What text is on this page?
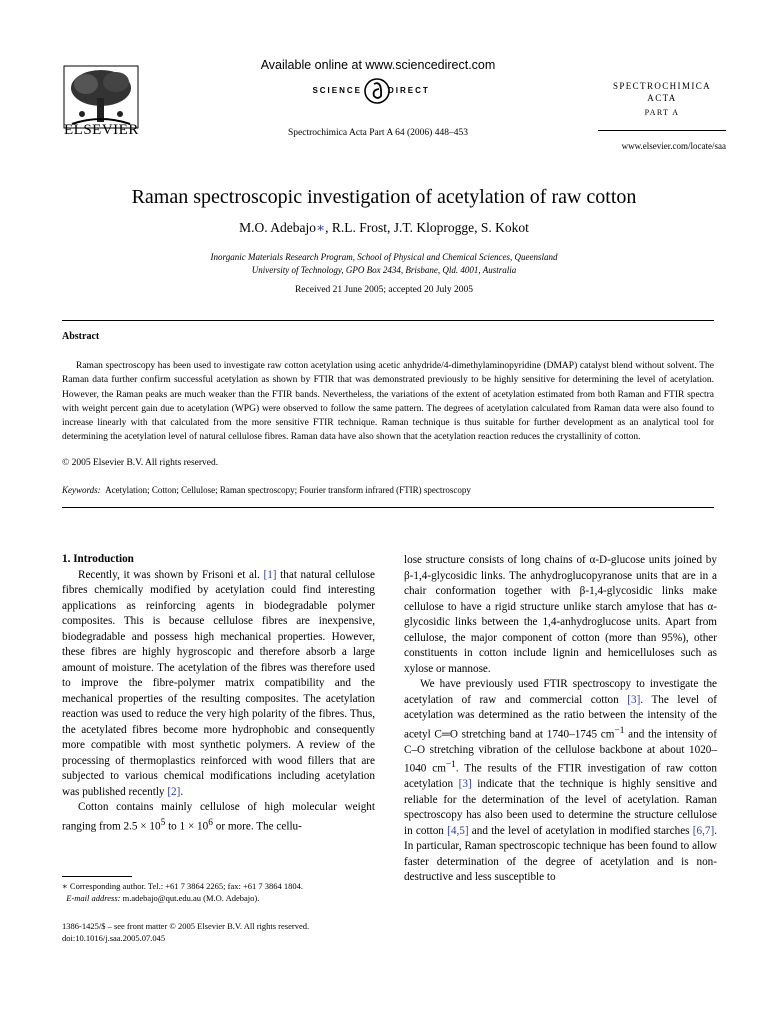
ELSEVIER
Available online at www.sciencedirect.com
SCIENCE	DIRECT
Spectrochimica Acta Part A 64 (2006) 448–453
SPECTROCHIMICA
ACTA
PART A
www.elsevier.com/locate/saa
Raman spectroscopic investigation of acetylation of raw cotton
M.O. Adebajo∗, R.L. Frost, J.T. Kloprogge, S. Kokot
Inorganic Materials Research Program, School of Physical and Chemical Sciences, Queensland
University of Technology, GPO Box 2434, Brisbane, Qld. 4001, Australia
Received 21 June 2005; accepted 20 July 2005
Abstract

Raman spectroscopy has been used to investigate raw cotton acetylation using acetic anhydride/4-dimethylaminopyridine (DMAP) catalyst blend without solvent. The Raman data further confirm successful acetylation as shown by FTIR that was demonstrated previously to be highly sensitive for determining the level of acetylation. However, the Raman peaks are much weaker than the FTIR bands. Nevertheless, the variations of the extent of acetylation estimated from both Raman and FTIR spectra with weight percent gain due to acetylation (WPG) were observed to follow the same pattern. The degrees of acetylation calculated from Raman data were also found to increase linearly with that calculated from the more sensitive FTIR technique. Raman technique is thus suitable for further development as an analytical tool for determining the acetylation level of natural cellulose fibres. Raman data have also shown that the acetylation reaction reduces the crystallinity of cotton.

© 2005 Elsevier B.V. All rights reserved.
Keywords: Acetylation; Cotton; Cellulose; Raman spectroscopy; Fourier transform infrared (FTIR) spectroscopy

1. Introduction

Recently, it was shown by Frisoni et al. [1] that natural cellulose fibres chemically modified by acetylation could find interesting applications as reinforcing agents in biodegradable polymer composites. This is because cellulose fibres are inexpensive, biodegradable and possess high mechanical properties. However, these fibres are highly hygroscopic and therefore absorb a large amount of moisture. The acetylation of the fibres was therefore used to improve the fibre-polymer matrix compatibility and the mechanical properties of the resulting composites. The acetylation reaction was used to reduce the very high polarity of the fibres. Thus, the acetylated fibres become more hydrophobic and consequently more compatible with most synthetic polymers. A review of the processing of thermoplastics reinforced with wood fillers that are subjected to various chemical modifications including acetylation was published recently [2].

Cotton contains mainly cellulose of high molecular weight ranging from $2.5 \times 10^5$ to $1 \times 10^6$ or more. The cellu-

∗ Corresponding author. Tel.: +61 7 3864 2265; fax: +61 7 3864 1804.
E-mail address: m.adebajo@qut.edu.au (M.O. Adebajo).
1386-1425/$ – see front matter © 2005 Elsevier B.V. All rights reserved.
doi:10.1016/j.saa.2005.07.045

lose structure consists of long chains of α-D-glucose units joined by β-1,4-glycosidic links. The anhydroglucopyranose units that are in a chair conformation together with β-1,4-glycosidic links make cellulose to have a rigid structure unlike starch amylose that has α-glycosidic links between the 1,4-anhydroglucose units. Apart from cellulose, the major component of cotton (more than 95%), other constituents in cotton include lignin and hemicelluloses such as xylose or mannose.

We have previously used FTIR spectroscopy to investigate the acetylation of raw and commercial cotton [3]. The level of acetylation was determined as the ratio between the intensity of the acetyl C═O stretching band at 1740–1745 $cm^{-1}$ and the intensity of C–O stretching vibration of the cellulose backbone at about 1020–1040 $cm^{-1}$. The results of the FTIR investigation of raw cotton acetylation [3] indicate that the technique is highly sensitive and reliable for the determination of the level of acetylation. Raman spectroscopy has also been used to determine the structure cellulose in cotton [4,5] and the level of acetylation in modified starches [6,7]. In particular, Raman spectroscopic technique has been found to allow faster determination of the degree of acetylation and is non-destructive and less susceptible to
